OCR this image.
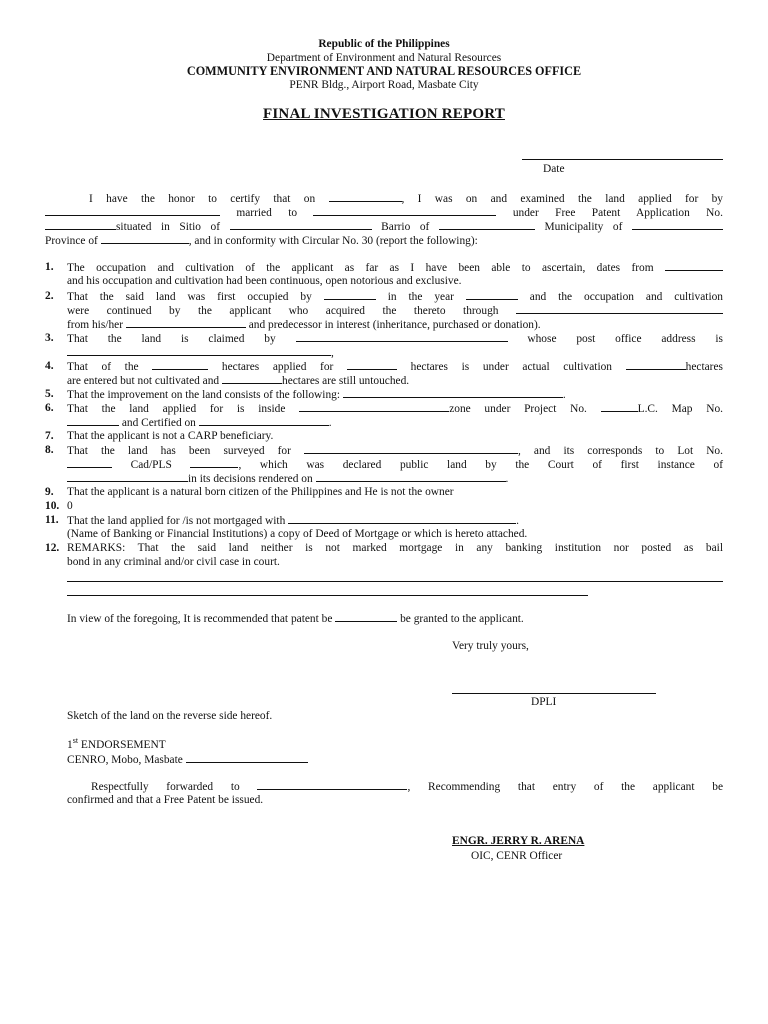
Republic of the Philippines
Department of Environment and Natural Resources
COMMUNITY ENVIRONMENT AND NATURAL RESOURCES OFFICE
PENR Bldg., Airport Road, Masbate City
FINAL INVESTIGATION REPORT
Date
I have the honor to certify that on	, I was on and examined the land applied for by
married to	under Free Patent Application No.
situated in Sitio of	Barrio of	Municipality of
Province of	, and in conformity with Circular No. 30 (report the following):
1. The occupation and cultivation of the applicant as far as I have been able to ascertain, dates from
and his occupation and cultivation had been continuous, open notorious and exclusive.
2. That the said land was first occupied by	in the year	and the occupation and cultivation
were continued by the applicant who acquired the thereto through
from his/her	and predecessor in interest (inheritance, purchased or donation).
3. That the land is claimed by	whose post office address is
,
4. That of the	hectares applied for	hectares is under actual cultivation	hectares
are entered but not cultivated and	hectares are still untouched.
5. That the improvement on the land consists of the following:	.
6. That the land applied for is inside	zone under Project No.	L.C. Map No.
and Certified on	.
7. That the applicant is not a CARP beneficiary.
8. That the land has been surveyed for	, and its corresponds to Lot No.
Cad/PLS	, which was declared public land by the Court of first instance of
in its decisions rendered on	.
9. That the applicant is a natural born citizen of the Philippines and He is not the owner
10. 0
11. That the land applied for /is not mortgaged with	.
(Name of Banking or Financial Institutions) a copy of Deed of Mortgage or which is hereto attached.
12. REMARKS: That the said land neither is not marked mortgage in any banking institution nor posted as bail
bond in any criminal and/or civil case in court.
In view of the foregoing, It is recommended that patent be	be granted to the applicant.
Very truly yours,
DPLI
Sketch of the land on the reverse side hereof.
1st ENDORSEMENT
CENRO, Mobo, Masbate
Respectfully forwarded to	, Recommending that entry of the applicant be
confirmed and that a Free Patent be issued.
ENGR. JERRY R. ARENA
OIC, CENR Officer
